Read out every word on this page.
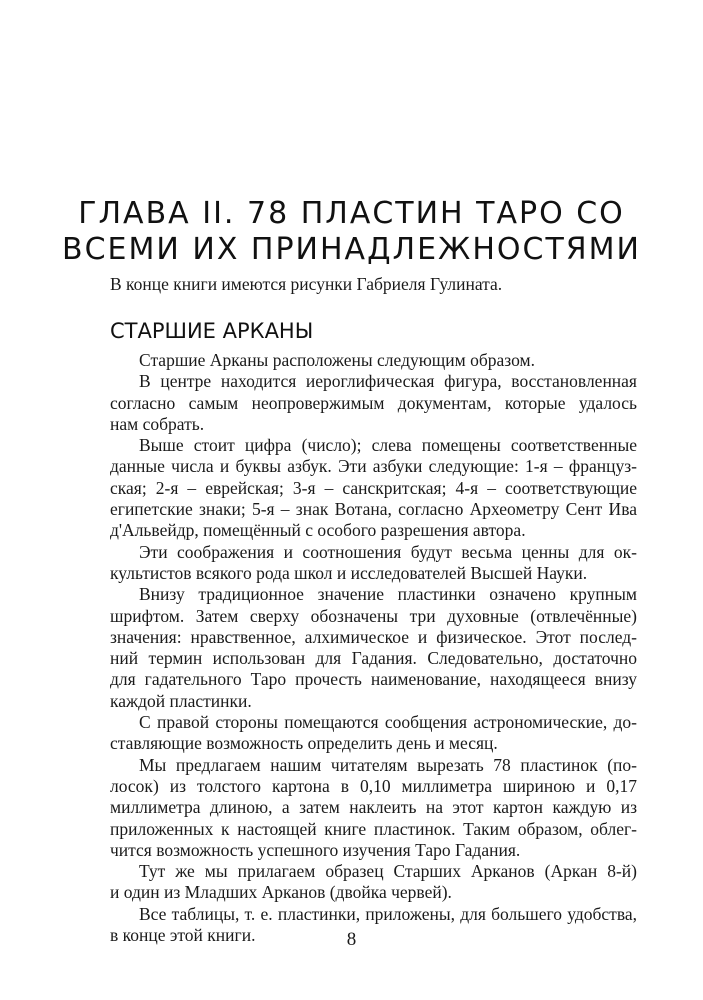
ГЛАВА II. 78 ПЛАСТИН ТАРО СО
ВСЕМИ ИХ ПРИНАДЛЕЖНОСТЯМИ

В конце книги имеются рисунки Габриеля Гулината.

СТАРШИЕ АРКАНЫ

Старшие Арканы расположены следующим образом.

В центре находится иероглифическая фигура, восстановленная
согласно самым неопровержимым документам, которые удалось
нам собрать.

Выше стоит цифра (число); слева помещены соответственные
данные числа и буквы азбук. Эти азбуки следующие: 1-я – француз-
ская; 2-я – еврейская; 3-я – санскритская; 4-я – соответствующие
египетские знаки; 5-я – знак Вотана, согласно Археометру Сент Ива
д'Альвейдр, помещённый с особого разрешения автора.

Эти соображения и соотношения будут весьма ценны для ок-
культистов всякого рода школ и исследователей Высшей Науки.

Внизу традиционное значение пластинки означено крупным
шрифтом. Затем сверху обозначены три духовные (отвлечённые)
значения: нравственное, алхимическое и физическое. Этот послед-
ний термин использован для Гадания. Следовательно, достаточно
для гадательного Таро прочесть наименование, находящееся внизу
каждой пластинки.

С правой стороны помещаются сообщения астрономические, до-
ставляющие возможность определить день и месяц.

Мы предлагаем нашим читателям вырезать 78 пластинок (по-
лосок) из толстого картона в 0,10 миллиметра шириною и 0,17
миллиметра длиною, а затем наклеить на этот картон каждую из
приложенных к настоящей книге пластинок. Таким образом, облег-
чится возможность успешного изучения Таро Гадания.

Тут же мы прилагаем образец Старших Арканов (Аркан 8-й)
и один из Младших Арканов (двойка червей).

Все таблицы, т. е. пластинки, приложены, для большего удобства,
в конце этой книги.	8
